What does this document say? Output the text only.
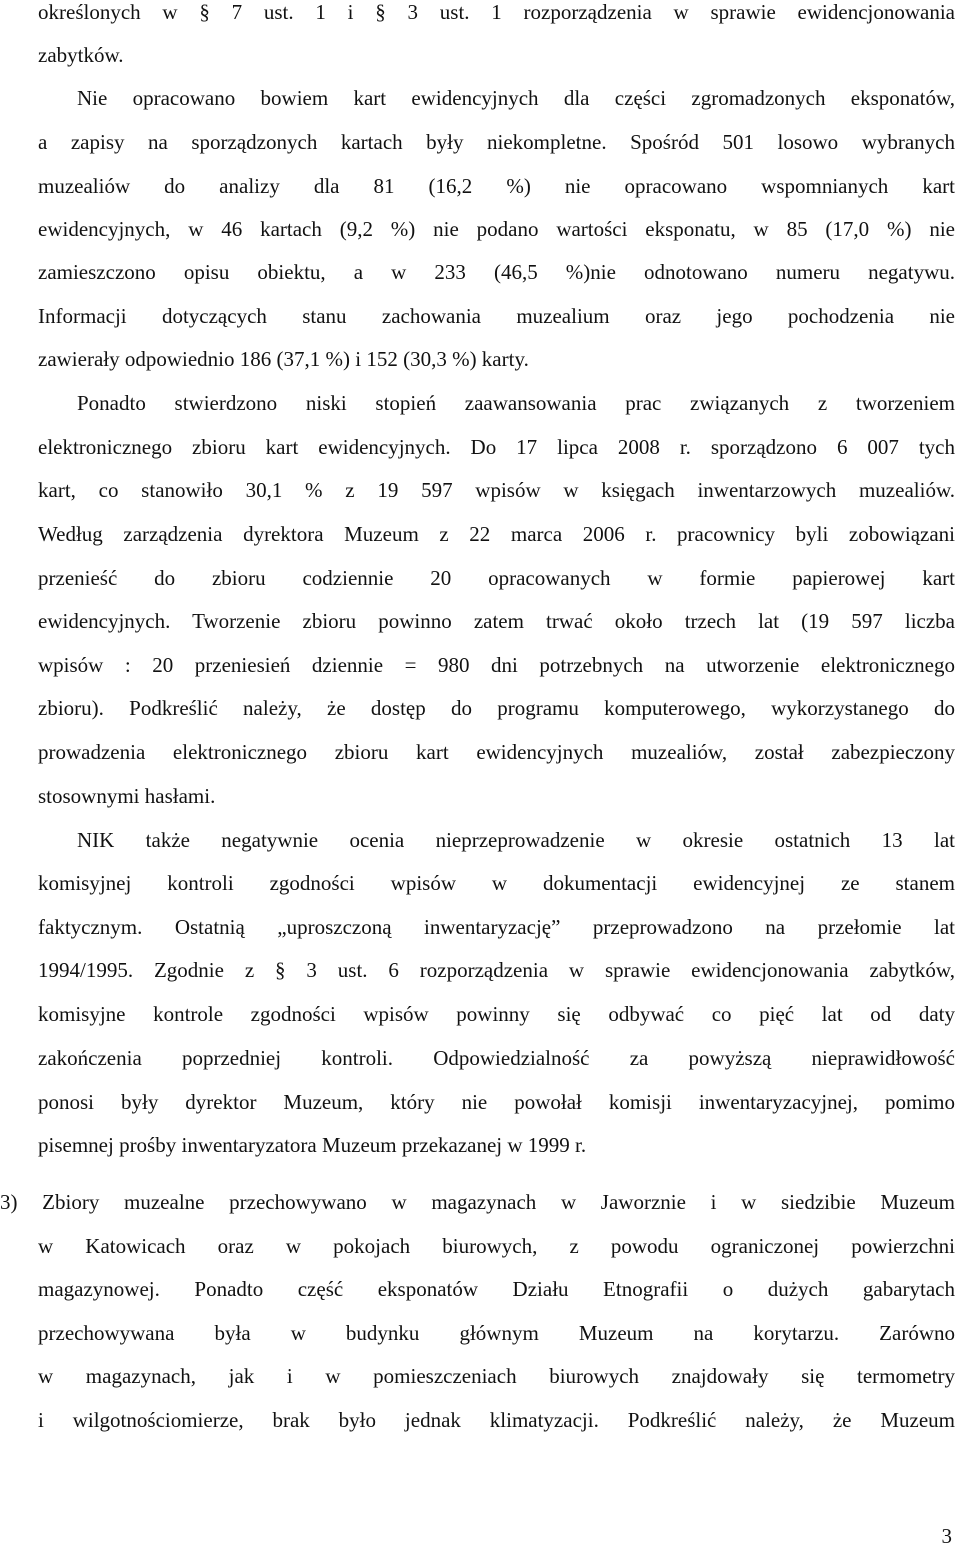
określonych w § 7 ust. 1 i § 3 ust. 1 rozporządzenia w sprawie ewidencjonowania
zabytków.
Nie opracowano bowiem kart ewidencyjnych dla części zgromadzonych eksponatów,
a zapisy na sporządzonych kartach były niekompletne. Spośród 501 losowo wybranych
muzealiów do analizy dla 81 (16,2 %) nie opracowano wspomnianych kart
ewidencyjnych, w 46 kartach (9,2 %) nie podano wartości eksponatu, w 85 (17,0 %) nie
zamieszczono opisu obiektu, a w 233 (46,5 %)nie odnotowano numeru negatywu.
Informacji dotyczących stanu zachowania muzealium oraz jego pochodzenia nie
zawierały odpowiednio 186 (37,1 %) i 152 (30,3 %) karty.
Ponadto stwierdzono niski stopień zaawansowania prac związanych z tworzeniem
elektronicznego zbioru kart ewidencyjnych. Do 17 lipca 2008 r. sporządzono 6 007 tych
kart, co stanowiło 30,1 % z 19 597 wpisów w księgach inwentarzowych muzealiów.
Według zarządzenia dyrektora Muzeum z 22 marca 2006 r. pracownicy byli zobowiązani
przenieść do zbioru codziennie 20 opracowanych w formie papierowej kart
ewidencyjnych. Tworzenie zbioru powinno zatem trwać około trzech lat (19 597 liczba
wpisów : 20 przeniesień dziennie = 980 dni potrzebnych na utworzenie elektronicznego
zbioru). Podkreślić należy, że dostęp do programu komputerowego, wykorzystanego do
prowadzenia elektronicznego zbioru kart ewidencyjnych muzealiów, został zabezpieczony
stosownymi hasłami.
NIK także negatywnie ocenia nieprzeprowadzenie w okresie ostatnich 13 lat
komisyjnej kontroli zgodności wpisów w dokumentacji ewidencyjnej ze stanem
faktycznym. Ostatnią „uproszczoną inwentaryzację” przeprowadzono na przełomie lat
1994/1995. Zgodnie z § 3 ust. 6 rozporządzenia w sprawie ewidencjonowania zabytków,
komisyjne kontrole zgodności wpisów powinny się odbywać co pięć lat od daty
zakończenia poprzedniej kontroli. Odpowiedzialność za powyższą nieprawidłowość
ponosi były dyrektor Muzeum, który nie powołał komisji inwentaryzacyjnej, pomimo
pisemnej prośby inwentaryzatora Muzeum przekazanej w 1999 r.
3) Zbiory muzealne przechowywano w magazynach w Jaworznie i w siedzibie Muzeum
w Katowicach oraz w pokojach biurowych, z powodu ograniczonej powierzchni
magazynowej. Ponadto część eksponatów Działu Etnografii o dużych gabarytach
przechowywana była w budynku głównym Muzeum na korytarzu. Zarówno
w magazynach, jak i w pomieszczeniach biurowych znajdowały się termometry
i wilgotnościomierze, brak było jednak klimatyzacji. Podkreślić należy, że Muzeum
3
